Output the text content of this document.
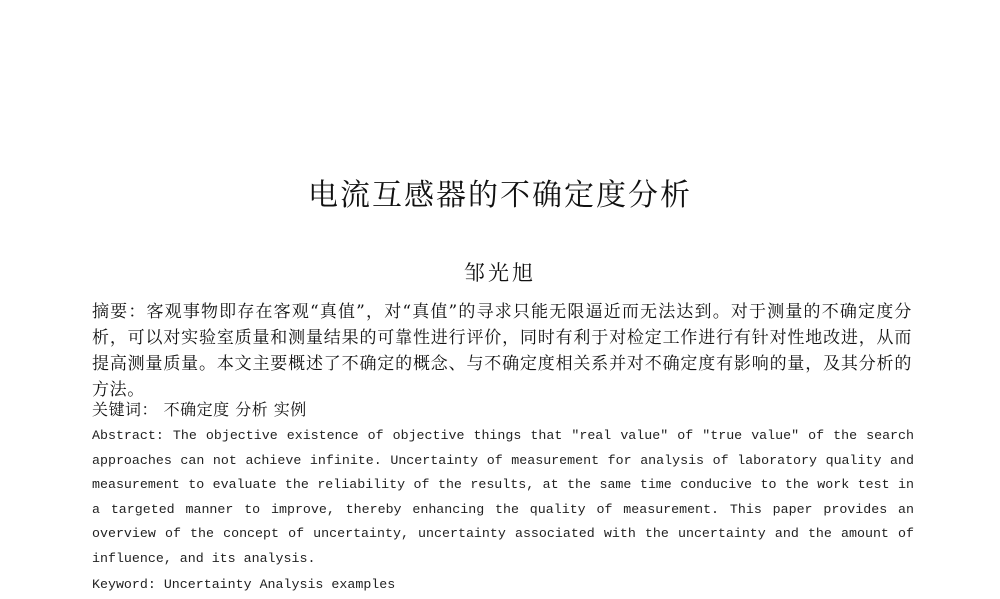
电流互感器的不确定度分析
邹光旭
摘要：客观事物即存在客观“真值”，对“真值”的寻求只能无限逼近而无法达到。对于测量的不确定度分析，可以对实验室质量和测量结果的可靠性进行评价，同时有利于对检定工作进行有针对性地改进，从而提高测量质量。本文主要概述了不确定的概念、与不确定度相关系并对不确定度有影响的量，及其分析的方法。
关键词： 不确定度 分析 实例
Abstract: The objective existence of objective things that "real value" of "true value" of the search approaches can not achieve infinite. Uncertainty of measurement for analysis of laboratory quality and measurement to evaluate the reliability of the results, at the same time conducive to the work test in a targeted manner to improve, thereby enhancing the quality of measurement. This paper provides an overview of the concept of uncertainty, uncertainty associated with the uncertainty and the amount of influence, and its analysis.
Keyword: Uncertainty Analysis examples
